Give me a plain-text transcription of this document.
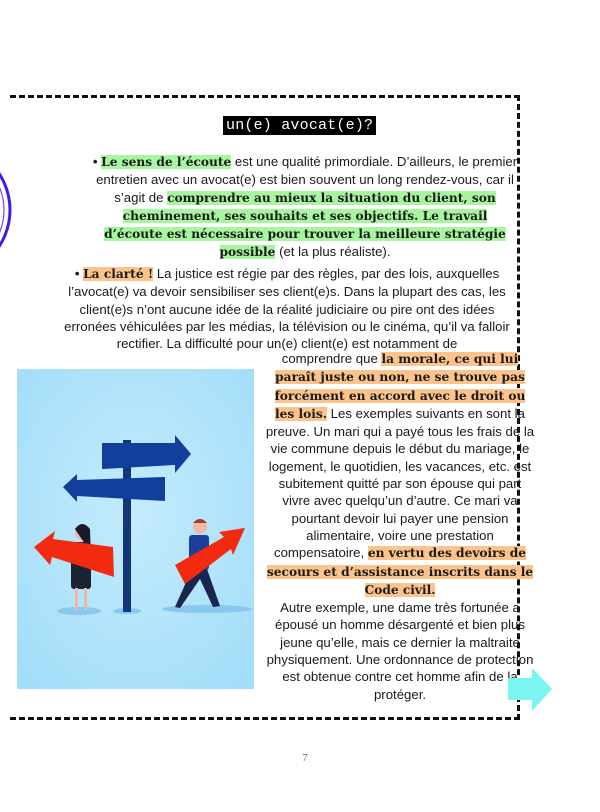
un(e) avocat(e)?
• Le sens de l’écoute est une qualité primordiale. D’ailleurs, le premier entretien avec un avocat(e) est bien souvent un long rendez-vous, car il s’agit de comprendre au mieux la situation du client, son cheminement, ses souhaits et ses objectifs. Le travail d’écoute est nécessaire pour trouver la meilleure stratégie possible (et la plus réaliste).
• La clarté ! La justice est régie par des règles, par des lois, auxquelles l’avocat(e) va devoir sensibiliser ses client(e)s. Dans la plupart des cas, les client(e)s n’ont aucune idée de la réalité judiciaire ou pire ont des idées erronées véhiculées par les médias, la télévision ou le cinéma, qu’il va falloir rectifier. La difficulté pour un(e) client(e) est notamment de
comprendre que la morale, ce qui lui paraît juste ou non, ne se trouve pas forcément en accord avec le droit ou les lois. Les exemples suivants en sont la preuve. Un mari qui a payé tous les frais de la vie commune depuis le début du mariage, le logement, le quotidien, les vacances, etc. est subitement quitté par son épouse qui part vivre avec quelqu’un d’autre. Ce mari va pourtant devoir lui payer une pension alimentaire, voire une prestation compensatoire, en vertu des devoirs de secours et d’assistance inscrits dans le Code civil.
Autre exemple, une dame très fortunée a épousé un homme désargenté et bien plus jeune qu’elle, mais ce dernier la maltraite physiquement. Une ordonnance de protection est obtenue contre cet homme afin de la protéger.
7
